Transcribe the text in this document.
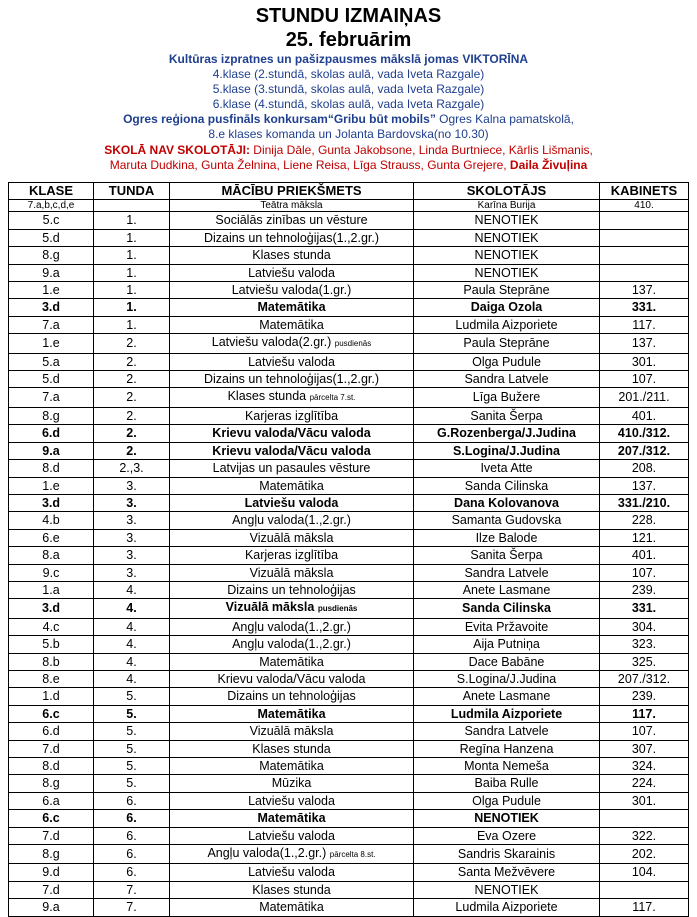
STUNDU IZMAIŅAS
25. februārim
Kultūras izpratnes un pašizpausmes mākslā jomas VIKTORĪNA
4.klase (2.stundā, skolas aulā, vada Iveta Razgale)
5.klase (3.stundā, skolas aulā, vada Iveta Razgale)
6.klase (4.stundā, skolas aulā, vada Iveta Razgale)
Ogres reģiona pusfināls konkursam“Gribu būt mobils” Ogres Kalna pamatskolā,
8.e klases komanda un Jolanta Bardovska(no 10.30)
SKOLĀ NAV SKOLOTĀJI: Dinija Dāle, Gunta Jakobsone, Linda Burtniece, Kārlis Lišmanis,
Maruta Dudkina, Gunta Želnina, Liene Reisa, Līga Strauss, Gunta Grejere, Daila Živuļina
KLASE	TUNDA	MĀCĪBU PRIEKŠMETS	SKOLOTĀJS	KABINETS
7.a,b,c,d,e		Teātra māksla	Karīna Burija	410.
5.c	1.	Sociālās zinības un vēsture	NENOTIEK	
5.d	1.	Dizains un tehnoloģijas(1.,2.gr.)	NENOTIEK	
8.g	1.	Klases stunda	NENOTIEK	
9.a	1.	Latviešu valoda	NENOTIEK	
1.e	1.	Latviešu valoda(1.gr.)	Paula Steprāne	137.
3.d	1.	Matemātika	Daiga Ozola	331.
7.a	1.	Matemātika	Ludmila Aizporiete	117.
1.e	2.	Latviešu valoda(2.gr.) pusdienās	Paula Steprāne	137.
5.a	2.	Latviešu valoda	Olga Pudule	301.
5.d	2.	Dizains un tehnoloģijas(1.,2.gr.)	Sandra Latvele	107.
7.a	2.	Klases stunda pārcelta 7.st.	Līga Bužere	201./211.
8.g	2.	Karjeras izglītība	Sanita Šerpa	401.
6.d	2.	Krievu valoda/Vācu valoda	G.Rozenberga/J.Judina	410./312.
9.a	2.	Krievu valoda/Vācu valoda	S.Logina/J.Judina	207./312.
8.d	2.,3.	Latvijas un pasaules vēsture	Iveta Atte	208.
1.e	3.	Matemātika	Sanda Cilinska	137.
3.d	3.	Latviešu valoda	Dana Kolovanova	331./210.
4.b	3.	Angļu valoda(1.,2.gr.)	Samanta Gudovska	228.
6.e	3.	Vizuālā māksla	Ilze Balode	121.
8.a	3.	Karjeras izglītība	Sanita Šerpa	401.
9.c	3.	Vizuālā māksla	Sandra Latvele	107.
1.a	4.	Dizains un tehnoloģijas	Anete Lasmane	239.
3.d	4.	Vizuālā māksla pusdienās	Sanda Cilinska	331.
4.c	4.	Angļu valoda(1.,2.gr.)	Evita Pržavoite	304.
5.b	4.	Angļu valoda(1.,2.gr.)	Aija Putniņa	323.
8.b	4.	Matemātika	Dace Babāne	325.
8.e	4.	Krievu valoda/Vācu valoda	S.Logina/J.Judina	207./312.
1.d	5.	Dizains un tehnoloģijas	Anete Lasmane	239.
6.c	5.	Matemātika	Ludmila Aizporiete	117.
6.d	5.	Vizuālā māksla	Sandra Latvele	107.
7.d	5.	Klases stunda	Regīna Hanzena	307.
8.d	5.	Matemātika	Monta Nemeša	324.
8.g	5.	Mūzika	Baiba Rulle	224.
6.a	6.	Latviešu valoda	Olga Pudule	301.
6.c	6.	Matemātika	NENOTIEK	
7.d	6.	Latviešu valoda	Eva Ozere	322.
8.g	6.	Angļu valoda(1.,2.gr.) pārcelta 8.st.	Sandris Skarainis	202.
9.d	6.	Latviešu valoda	Santa Mežvēvere	104.
7.d	7.	Klases stunda	NENOTIEK	
9.a	7.	Matemātika	Ludmila Aizporiete	117.
